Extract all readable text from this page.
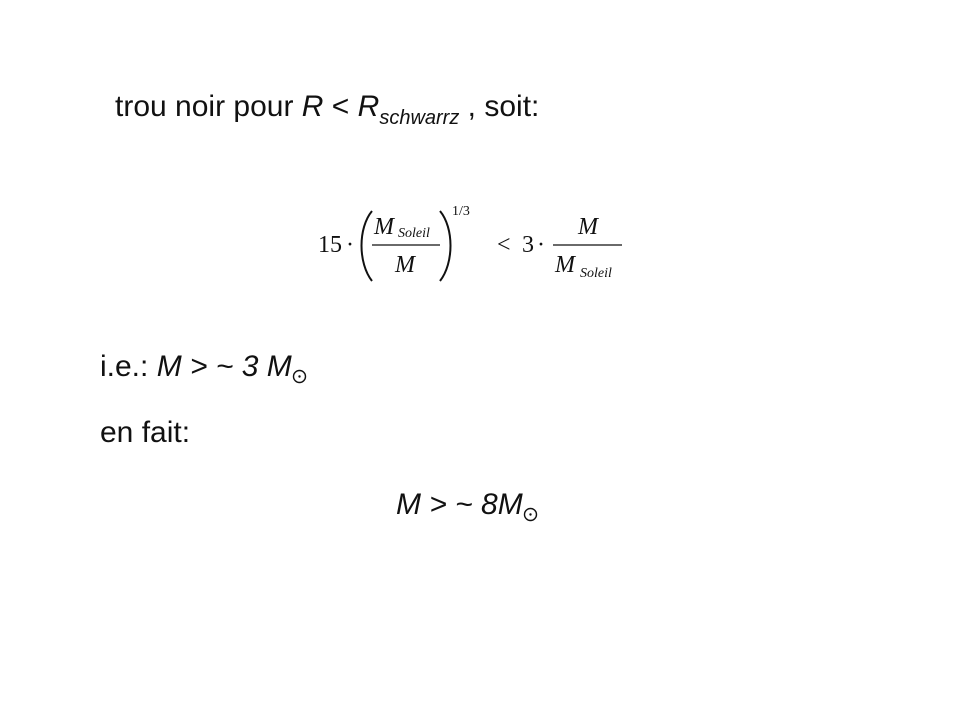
trou noir pour $R < R_{schwarrz}$ , soit:
15 ·
M Soleil
M
1/3
< 3 ·
M
M Soleil
i.e.: M > ~ 3 M
en fait:
M > ~ 8M
